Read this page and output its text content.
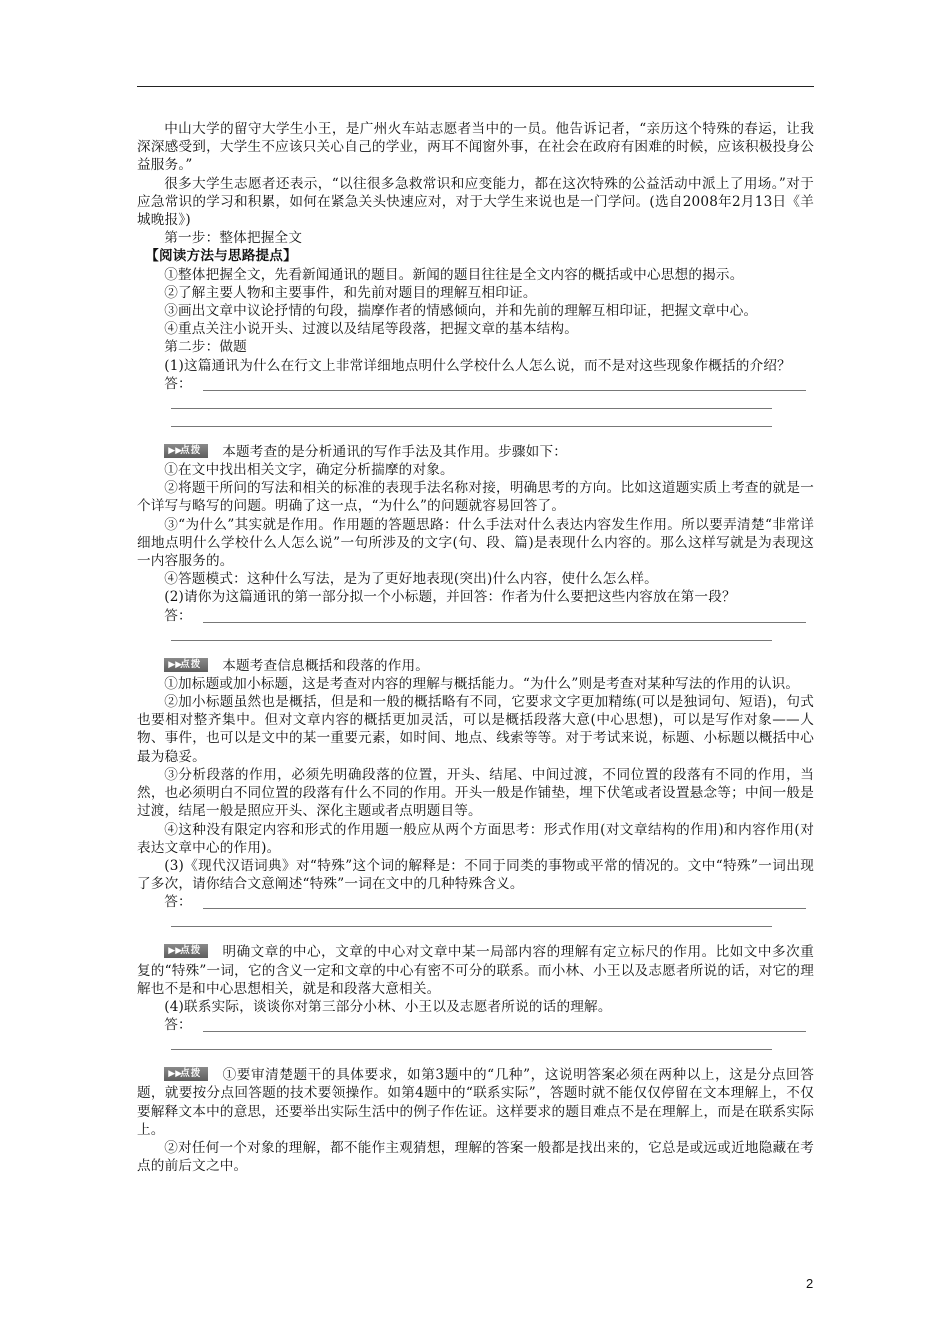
中山大学的留守大学生小王，是广州火车站志愿者当中的一员。他告诉记者，“亲历这个特殊的春运，让我深深感受到，大学生不应该只关心自己的学业，两耳不闻窗外事，在社会在政府有困难的时候，应该积极投身公益服务。”

很多大学生志愿者还表示，“以往很多急救常识和应变能力，都在这次特殊的公益活动中派上了用场。”对于应急常识的学习和积累，如何在紧急关头快速应对，对于大学生来说也是一门学问。(选自2008年2月13日《羊城晚报》)

第一步：整体把握全文

【阅读方法与思路提点】

①整体把握全文，先看新闻通讯的题目。新闻的题目往往是全文内容的概括或中心思想的揭示。

②了解主要人物和主要事件，和先前对题目的理解互相印证。

③画出文章中议论抒情的句段，揣摩作者的情感倾向，并和先前的理解互相印证，把握文章中心。

④重点关注小说开头、过渡以及结尾等段落，把握文章的基本结构。

第二步：做题

(1)这篇通讯为什么在行文上非常详细地点明什么学校什么人怎么说，而不是对这些现象作概括的介绍？

答：

▶▶
点拨 本题考查的是分析通讯的写作手法及其作用。步骤如下：

①在文中找出相关文字，确定分析揣摩的对象。

②将题干所问的写法和相关的标准的表现手法名称对接，明确思考的方向。比如这道题实质上考查的就是一个详写与略写的问题。明确了这一点，“为什么”的问题就容易回答了。

③“为什么”其实就是作用。作用题的答题思路：什么手法对什么表达内容发生作用。所以要弄清楚“非常详细地点明什么学校什么人怎么说”一句所涉及的文字(句、段、篇)是表现什么内容的。那么这样写就是为表现这一内容服务的。

④答题模式：这种什么写法，是为了更好地表现(突出)什么内容，使什么怎么样。

(2)请你为这篇通讯的第一部分拟一个小标题，并回答：作者为什么要把这些内容放在第一段？

答：

▶▶
点拨 本题考查信息概括和段落的作用。

①加标题或加小标题，这是考查对内容的理解与概括能力。“为什么”则是考查对某种写法的作用的认识。

②加小标题虽然也是概括，但是和一般的概括略有不同，它要求文字更加精练(可以是独词句、短语)，句式也要相对整齐集中。但对文章内容的概括更加灵活，可以是概括段落大意(中心思想)，可以是写作对象——人物、事件，也可以是文中的某一重要元素，如时间、地点、线索等等。对于考试来说，标题、小标题以概括中心最为稳妥。

③分析段落的作用，必须先明确段落的位置，开头、结尾、中间过渡，不同位置的段落有不同的作用，当然，也必须明白不同位置的段落有什么不同的作用。开头一般是作铺垫，埋下伏笔或者设置悬念等；中间一般是过渡，结尾一般是照应开头、深化主题或者点明题目等。

④这种没有限定内容和形式的作用题一般应从两个方面思考：形式作用(对文章结构的作用)和内容作用(对表达文章中心的作用)。

(3)《现代汉语词典》对“特殊”这个词的解释是：不同于同类的事物或平常的情况的。文中“特殊”一词出现了多次，请你结合文意阐述“特殊”一词在文中的几种特殊含义。

答：

▶▶
点拨 明确文章的中心，文章的中心对文章中某一局部内容的理解有定立标尺的作用。比如文中多次重复的“特殊”一词，它的含义一定和文章的中心有密不可分的联系。而小林、小王以及志愿者所说的话，对它的理解也不是和中心思想相关，就是和段落大意相关。

(4)联系实际，谈谈你对第三部分小林、小王以及志愿者所说的话的理解。

答：

▶▶
点拨 ①要审清楚题干的具体要求，如第3题中的“几种”，这说明答案必须在两种以上，这是分点回答题，就要按分点回答题的技术要领操作。如第4题中的“联系实际”，答题时就不能仅仅停留在文本理解上，不仅要解释文本中的意思，还要举出实际生活中的例子作佐证。这样要求的题目难点不是在理解上，而是在联系实际上。

②对任何一个对象的理解，都不能作主观猜想，理解的答案一般都是找出来的，它总是或远或近地隐藏在考点的前后文之中。

2
